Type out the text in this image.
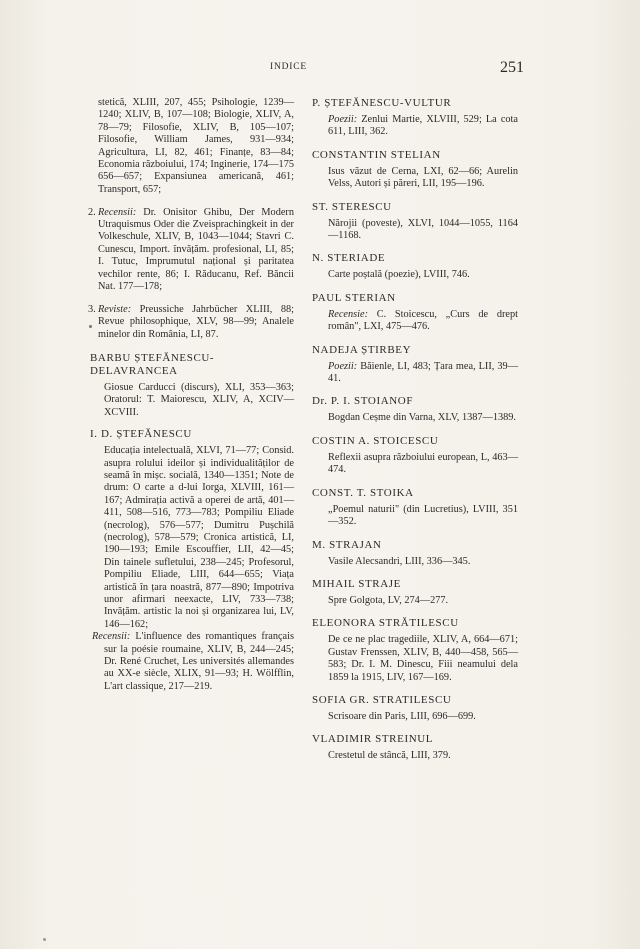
INDICE	251

stetică, XLIII, 207, 455; Psihologie, 1239—1240; XLIV, B, 107—108; Biologie, XLIV, A, 78—79; Filosofie, XLIV, B, 105—107; Filosofie, William James, 931—934; Agricultura, LI, 82, 461; Finanțe, 83—84; Economia războiului, 174; Inginerie, 174—175 656—657; Expansiunea americană, 461; Transport, 657;

2. Recensii: Dr. Onisitor Ghibu, Der Modern Utraquismus Oder die Zveisprachingkeit in der Volkeschule, XLIV, B, 1043—1044; Stavri C. Cunescu, Import. învățăm. profesional, LI, 85; I. Tutuc, Imprumutul național și paritatea vechilor rente, 86; I. Răducanu, Ref. Băncii Nat. 177—178;

3. Reviste: Preussiche Jahrbücher XLIII, 88; Revue philosophique, XLV, 98—99; Analele minelor din România, LI, 87.

BARBU ȘTEFĂNESCU-DELAVRANCEA

Giosue Carducci (discurs), XLI, 353—363; Oratorul: T. Maiorescu, XLIV, A, XCIV—XCVIII.

I. D. ȘTEFĂNESCU

Educația intelectuală, XLVI, 71—77; Consid. asupra rolului ideilor și individualităților de seamă în mișc. socială, 1340—1351; Note de drum: O carte a d-lui Iorga, XLVIII, 161—167; Admirația activă a operei de artă, 401—411, 508—516, 773—783; Pompiliu Eliade (necrolog), 576—577; Dumitru Pușchilă (necrolog), 578—579; Cronica artistică, LI, 190—193; Emile Escouffier, LII, 42—45; Din tainele sufletului, 238—245; Profesorul, Pompiliu Eliade, LIII, 644—655; Viața artistică în țara noastră, 877—890; Impotriva unor afirmari neexacte, LIV, 733—738; Invățăm. artistic la noi și organizarea lui, LV, 146—162;

Recensii: L'influence des romantiques français sur la poésie roumaine, XLIV, B, 244—245; Dr. René Cruchet, Les universités allemandes au XX-e siècle, XLIX, 91—93; H. Wölfflin, L'art classique, 217—219.

P. ȘTEFĂNESCU-VULTUR

Poezii: Zenlui Martie, XLVIII, 529; La cota 611, LIII, 362.

CONSTANTIN STELIAN

Isus văzut de Cerna, LXI, 62—66; Aurelin Velss, Autori și păreri, LII, 195—196.

ST. STERESCU

Nărojii (poveste), XLVI, 1044—1055, 1164—1168.

N. STERIADE

Carte poștală (poezie), LVIII, 746.

PAUL STERIAN

Recensie: C. Stoicescu, „Curs de drept român", LXI, 475—476.

NADEJA ȘTIRBEY

Poezii: Băienle, LI, 483; Țara mea, LII, 39—41.

Dr. P. I. STOIANOF

Bogdan Ceșme din Varna, XLV, 1387—1389.

COSTIN A. STOICESCU

Reflexii asupra războiului european, L, 463—474.

CONST. T. STOIKA

„Poemul naturii" (din Lucretius), LVIII, 351—352.

M. STRAJAN

Vasile Alecsandri, LIII, 336—345.

MIHAIL STRAJE

Spre Golgota, LV, 274—277.

ELEONORA STRĂTILESCU

De ce ne plac tragediile, XLIV, A, 664—671; Gustav Frenssen, XLIV, B, 440—458, 565—583; Dr. I. M. Dinescu, Fiii neamului dela 1859 la 1915, LIV, 167—169.

SOFIA GR. STRATILESCU

Scrisoare din Paris, LIII, 696—699.

VLADIMIR STREINUL

Crestetul de stâncă, LIII, 379.
